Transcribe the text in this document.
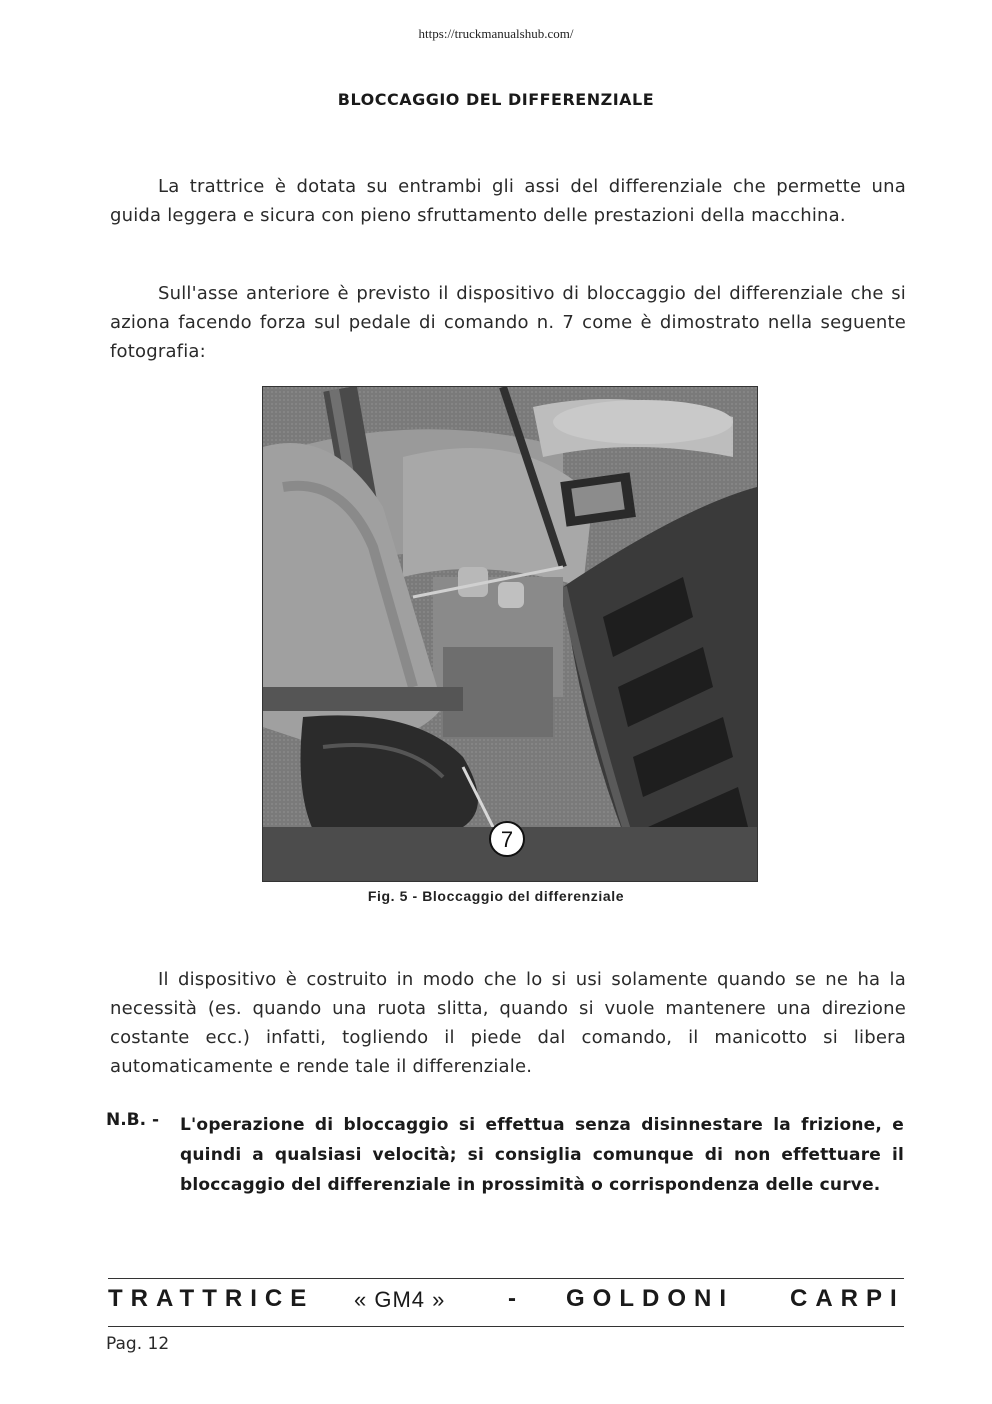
https://truckmanualshub.com/
BLOCCAGGIO DEL DIFFERENZIALE

La trattrice è dotata su entrambi gli assi del differenziale che permette una guida leggera e sicura con pieno sfruttamento delle prestazioni della macchina.

Sull'asse anteriore è previsto il dispositivo di bloccaggio del differenziale che si aziona facendo forza sul pedale di comando n. 7 come è dimostrato nella seguente fotografia:

7
Fig. 5 - Bloccaggio del differenziale

Il dispositivo è costruito in modo che lo si usi solamente quando se ne ha la necessità (es. quando una ruota slitta, quando si vuole mantenere una direzione costante ecc.) infatti, togliendo il piede dal comando, il manicotto si libera automaticamente e rende tale il differenziale.

N.B. - L'operazione di bloccaggio si effettua senza disinnestare la frizione, e quindi a qualsiasi velocità; si consiglia comunque di non effettuare il bloccaggio del differenziale in prossimità o corrispondenza delle curve.
TRATTRICE « GM4 »	- GOLDONI CARPI
Pag. 12
